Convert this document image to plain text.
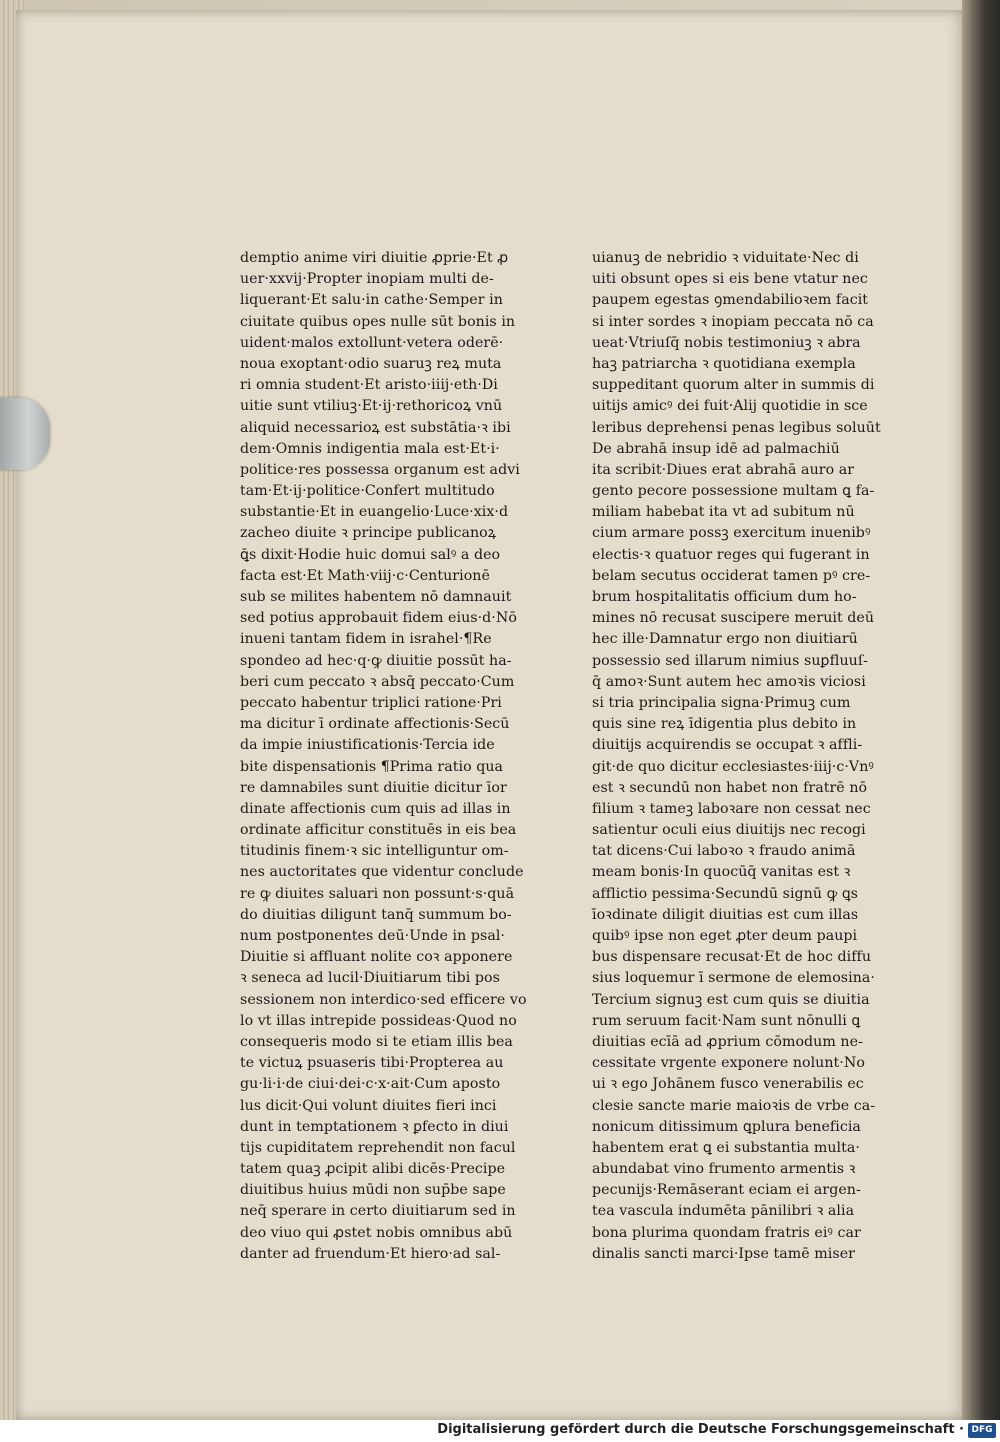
demptio anime viri diuitie ꝓprie·Et ꝓ
uer·xxvij·Propter inopiam multi de-
liquerant·Et salu·in cathe·Semper in
ciuitate quibus opes nulle sūt bonis in
uident·malos extollunt·vetera oderē·
noua exoptant·odio suaruꝫ reꝝ muta
ri omnia student·Et aristo·iiij·eth·Di
uitie sunt vtiliuꝫ·Et·ij·rethoricoꝝ vnū
aliquid necessarioꝝ est substātia·ꝛ ibi
dem·Omnis indigentia mala est·Et·i·
politice·res possessa organum est advi
tam·Et·ij·politice·Confert multitudo
substantie·Et in euangelio·Luce·xix·d
zacheo diuite ꝛ principe publicanoꝝ
ꝗ̄s dixit·Hodie huic domui salꝰ a deo
facta est·Et Math·viij·c·Centurionē
sub se milites habentem nō damnauit
sed potius approbauit fidem eius·d·Nō
inueni tantam fidem in israhel·¶Re
spondeo ad hec·q·ꝙ diuitie possūt ha-
beri cum peccato ꝛ absq̄ peccato·Cum
peccato habentur triplici ratione·Pri
ma dicitur ī ordinate affectionis·Secū
da impie iniustificationis·Tercia ide
bite dispensationis ¶Prima ratio qua
re damnabiles sunt diuitie dicitur īor
dinate affectionis cum quis ad illas in
ordinate afficitur constituēs in eis bea
titudinis finem·ꝛ sic intelliguntur om-
nes auctoritates que videntur conclude
re ꝙ diuites saluari non possunt·s·quā
do diuitias diligunt tanq̄ summum bo-
num postponentes deū·Unde in psal·
Diuitie si affluant nolite coꝛ apponere
ꝛ seneca ad lucil·Diuitiarum tibi pos
sessionem non interdico·sed efficere vo
lo vt illas intrepide possideas·Quod no
consequeris modo si te etiam illis bea
te victuꝝ psuaseris tibi·Propterea au
gu·li·i·de ciui·dei·c·x·ait·Cum aposto
lus dicit·Qui volunt diuites fieri inci
dunt in temptationem ꝛ ꝑfecto in diui
tijs cupiditatem reprehendit non facul
tatem quaꝫ ꝓcipit alibi dicēs·Precipe
diuitibus huius mūdi non sup̄be sape
neq̄ sperare in certo diuitiarum sed in
deo viuo qui ꝓstet nobis omnibus abū
danter ad fruendum·Et hiero·ad sal-
uianuꝫ de nebridio ꝛ viduitate·Nec di
uiti obsunt opes si eis bene vtatur nec
paupem egestas ꝯmendabilioꝛem facit
si inter sordes ꝛ inopiam peccata nō ca
ueat·Vtriuſq̄ nobis testimoniuꝫ ꝛ abra
haꝫ patriarcha ꝛ quotidiana exempla
suppeditant quorum alter in summis di
uitijs amicꝰ dei fuit·Alij quotidie in sce
leribus deprehensi penas legibus soluūt
De abrahā insup idē ad palmachiū
ita scribit·Diues erat abrahā auro ar
gento pecore possessione multam ꝗ fa-
miliam habebat ita vt ad subitum nū
cium armare possꝫ exercitum inuenibꝰ
electis·ꝛ quatuor reges qui fugerant in
belam secutus occiderat tamen pꝰ cre-
brum hospitalitatis officium dum ho-
mines nō recusat suscipere meruit deū
hec ille·Damnatur ergo non diuitiarū
possessio sed illarum nimius suꝑfluuſ-
q̄ amoꝛ·Sunt autem hec amoꝛis viciosi
si tria principalia signa·Primuꝫ cum
quis sine reꝝ īdigentia plus debito in
diuitijs acquirendis se occupat ꝛ affli-
git·de quo dicitur ecclesiastes·iiij·c·Vnꝰ
est ꝛ secundū non habet non fratrē nō
filium ꝛ tameꝫ laboꝛare non cessat nec
satientur oculi eius diuitijs nec recogi
tat dicens·Cui laboꝛo ꝛ fraudo animā
meam bonis·In quocūq̄ vanitas est ꝛ
afflictio pessima·Secundū signū ꝙ ꝗs
īoꝛdinate diligit diuitias est cum illas
quibꝰ ipse non eget ꝓter deum paupi
bus dispensare recusat·Et de hoc diffu
sius loquemur ī sermone de elemosina·
Tercium signuꝫ est cum quis se diuitia
rum seruum facit·Nam sunt nōnulli ꝗ
diuitias ecīā ad ꝓprium cōmodum ne-
cessitate vrgente exponere nolunt·No
ui ꝛ ego Johānem fusco venerabilis ec
clesie sancte marie maioꝛis de vrbe ca-
nonicum ditissimum ꝗplura beneficia
habentem erat ꝗ ei substantia multa·
abundabat vino frumento armentis ꝛ
pecunijs·Remāserant eciam ei argen-
tea vascula indumēta pānilibri ꝛ alia
bona plurima quondam fratris eiꝰ car
dinalis sancti marci·Ipse tamē miser
Digitalisierung gefördert durch die Deutsche Forschungsgemeinschaft · DFG
